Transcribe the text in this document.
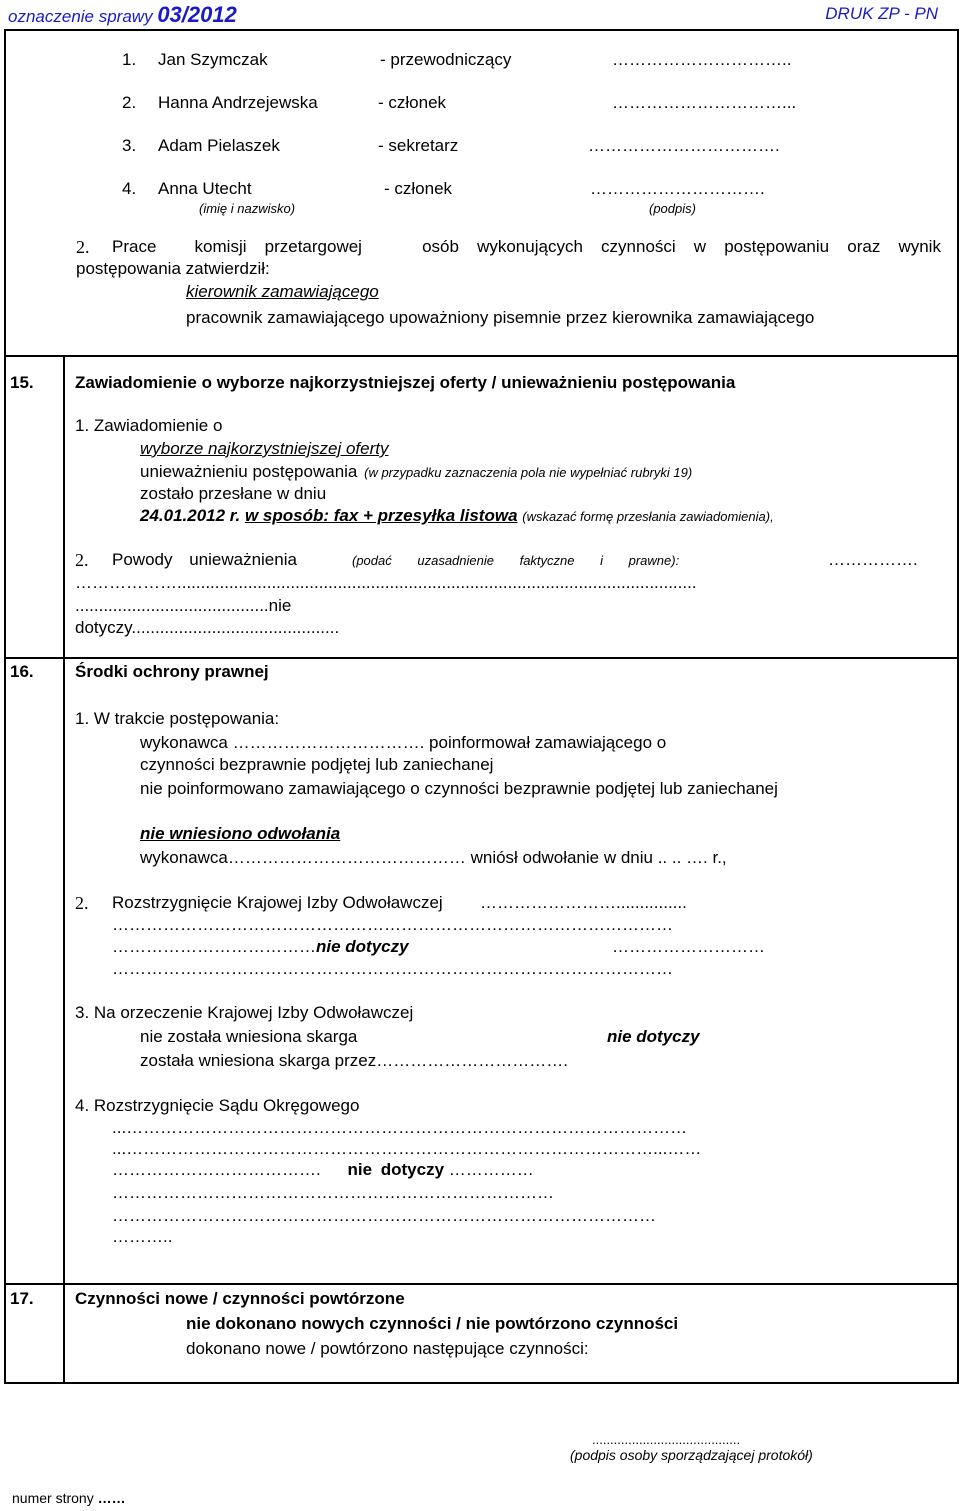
oznaczenie sprawy 03/2012	DRUK ZP - PN
1. Jan Szymczak	- przewodniczący	…………………………..
2. Hanna Andrzejewska	- członek	…………………………...
3. Adam Pielaszek	- sekretarz	…………………………….
4. Anna Utecht	- członek	………………………….
(imię i nazwisko)	(podpis)
2. Prace komisji przetargowej	osób wykonujących czynności w postępowaniu oraz wynik
postępowania zatwierdził:
kierownik zamawiającego
pracownik zamawiającego upoważniony pisemnie przez kierownika zamawiającego
15. Zawiadomienie o wyborze najkorzystniejszej oferty / unieważnieniu postępowania
1. Zawiadomienie o
wyborze najkorzystniejszej oferty
unieważnieniu postępowania (w przypadku zaznaczenia pola nie wypełniać rubryki 19)
zostało przesłane w dniu
24.01.2012 r. w sposób: fax + przesyłka listowa (wskazać formę przesłania zawiadomienia),
2. Powody unieważnienia	(podać uzasadnienie faktyczne i prawne):	…………….
………………..............................................................................................................
.........................................nie
dotyczy............................................
16. Środki ochrony prawnej
1. W trakcie postępowania:
wykonawca ……………………………. poinformował zamawiającego o
czynności bezprawnie podjętej lub zaniechanej
nie poinformowano zamawiającego o czynności bezprawnie podjętej lub zaniechanej
nie wniesiono odwołania
wykonawca…………………………………… wniósł odwołanie w dniu .. .. …. r.,
2. Rozstrzygnięcie Krajowej Izby Odwoławczej ……………………...............
………………………………………………………………………………………
………………………………nie dotyczy	………………………
………………………………………………………………………………………
3. Na orzeczenie Krajowej Izby Odwoławczej
nie została wniesiona skarga	nie dotyczy
została wniesiona skarga przez…………………………….
4. Rozstrzygnięcie Sądu Okręgowego
...………………………………………………………………………………………
...…………………………………………………………………………………...……
………………………………. nie dotyczy ……………
……………………………………………………………………
……………………………………………………………………………………
………..
17. Czynności nowe / czynności powtórzone
nie dokonano nowych czynności / nie powtórzono czynności
dokonano nowe / powtórzono następujące czynności:
.........................................
(podpis osoby sporządzającej protokół)
numer strony ……
